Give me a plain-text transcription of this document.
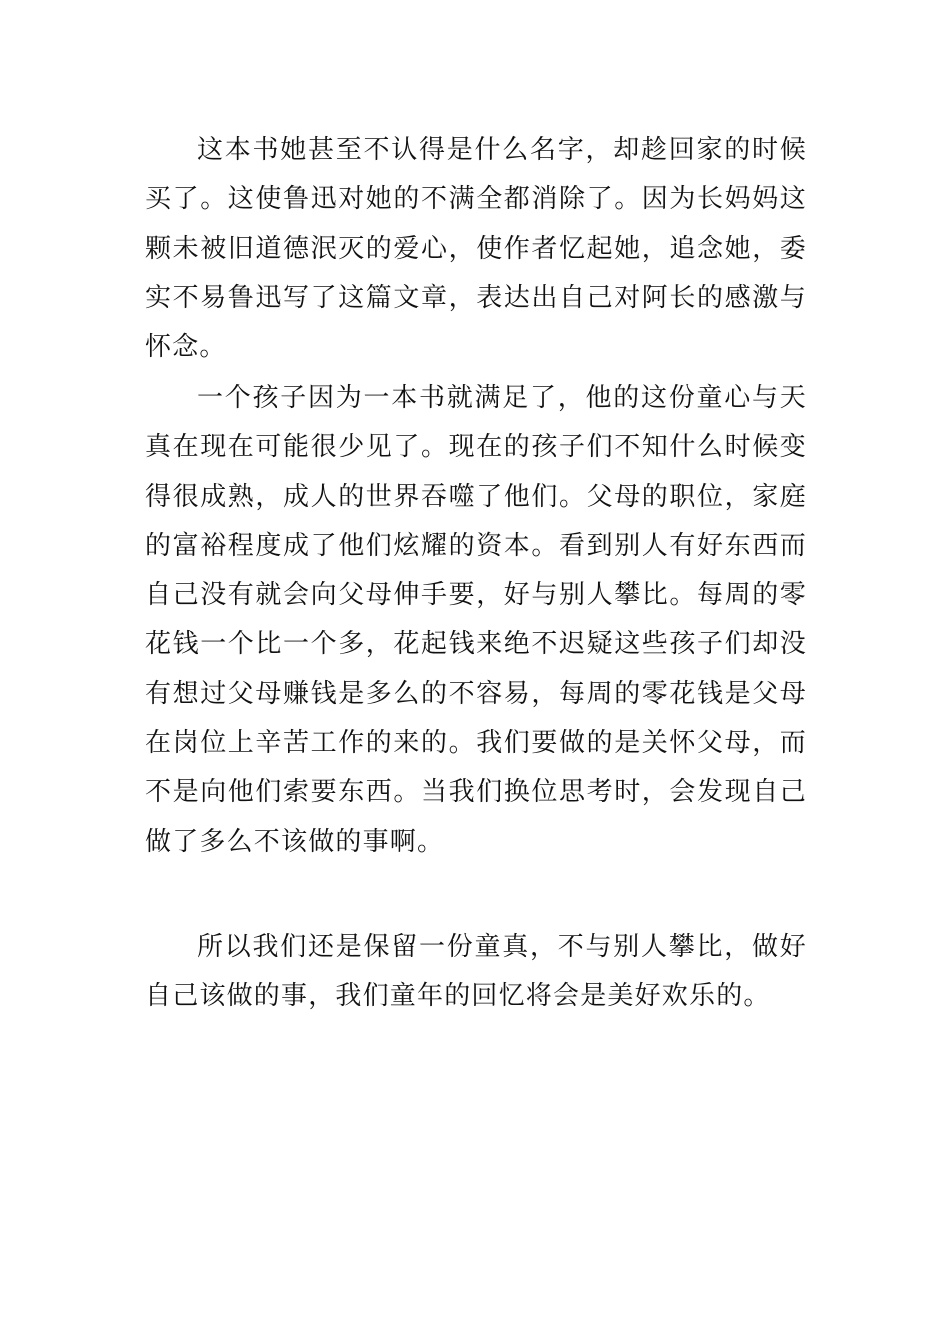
这本书她甚至不认得是什么名字，却趁回家的时候买了。这使鲁迅对她的不满全都消除了。因为长妈妈这颗未被旧道德泯灭的爱心，使作者忆起她，追念她，委实不易鲁迅写了这篇文章，表达出自己对阿长的感激与怀念。

一个孩子因为一本书就满足了，他的这份童心与天真在现在可能很少见了。现在的孩子们不知什么时候变得很成熟，成人的世界吞噬了他们。父母的职位，家庭的富裕程度成了他们炫耀的资本。看到别人有好东西而自己没有就会向父母伸手要，好与别人攀比。每周的零花钱一个比一个多，花起钱来绝不迟疑这些孩子们却没有想过父母赚钱是多么的不容易，每周的零花钱是父母在岗位上辛苦工作的来的。我们要做的是关怀父母，而不是向他们索要东西。当我们换位思考时，会发现自己做了多么不该做的事啊。

所以我们还是保留一份童真，不与别人攀比，做好自己该做的事，我们童年的回忆将会是美好欢乐的。
